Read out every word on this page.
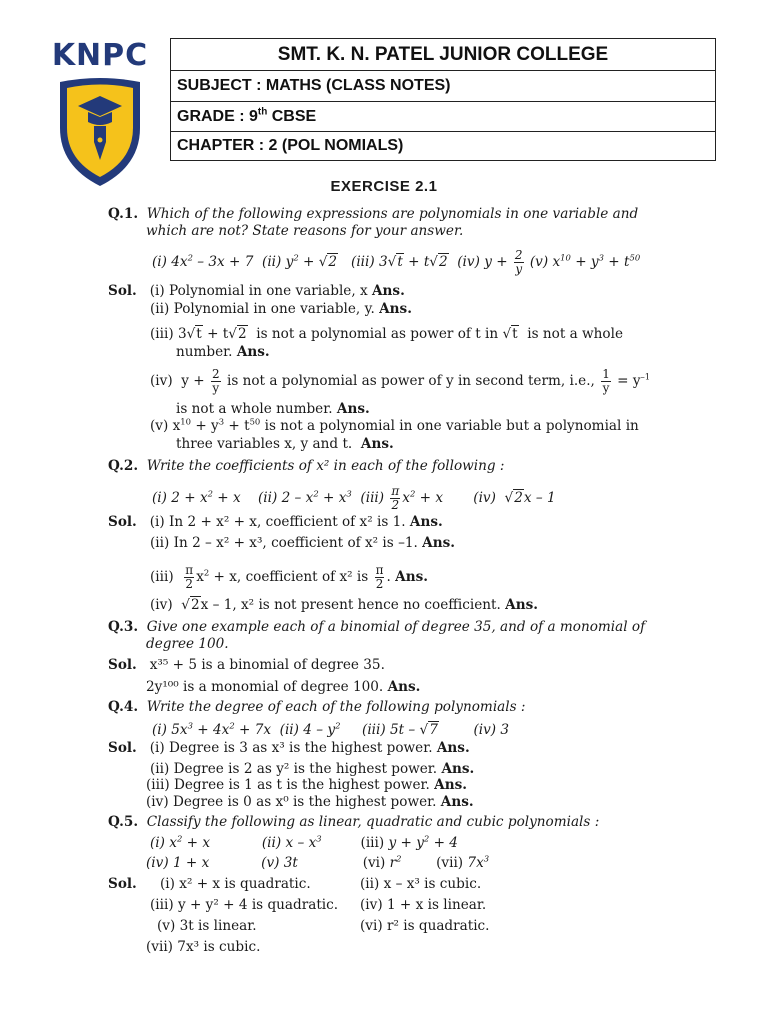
KNPC	SMT. K. N. PATEL JUNIOR COLLEGE
SUBJECT : MATHS (CLASS NOTES)
GRADE : 9th CBSE
CHAPTER : 2 (POL NOMIALS)
EXERCISE 2.1
Q.1. Which of the following expressions are polynomials in one variable and
which are not? State reasons for your answer.
(i) $4x^2 - 3x + 7$  (ii) $y^2 + √2$   (iii) 3√t + t√2  (iv) $y + \frac{2}{y} (v) x^{10} + y^3 + t^{50}$
Sol. (i) Polynomial in one variable, x Ans.
(ii) Polynomial in one variable, y. Ans.
(iii) 3√t + t√2 is not a polynomial as power of t in √t is not a whole
number. Ans.
(iv)  $y + \frac{2}{y}$ is not a polynomial as power of y in second term, i.e., $\frac{1}{y} = y^{-1}$
is not a whole number. Ans.
(v) $x^{10} + y^3 + t^{50}$ is not a polynomial in one variable but a polynomial in
three variables x, y and t. Ans.
Q.2. Write the coefficients of x² in each of the following :
(i) $2 + x^2 + x$    (ii) $2 - x^2 + x^3$  $(iii) \frac{\pi}{2} x^2 + x$       (iv)  √2x – 1
Sol. (i) In 2 + x² + x, coefficient of x² is 1. Ans.
(ii) In 2 – x² + x³, coefficient of x² is –1. Ans.
$(iii) \frac{\pi}{2} x^2 + x$, coefficient of x² is $\frac{\pi}{2}$ . Ans.
(iv)  √2x – 1, x² is not present hence no coefficient. Ans.
Q.3. Give one example each of a binomial of degree 35, and of a monomial of
degree 100.
Sol. x³⁵ + 5 is a binomial of degree 35.
2y¹⁰⁰ is a monomial of degree 100. Ans.
Q.4. Write the degree of each of the following polynomials :
(i) $5x^3 + 4x^2 + 7x$  (ii) $4 - y^2$     (iii) 5t – √7        (iv) 3
Sol. (i) Degree is 3 as x³ is the highest power. Ans.
(ii) Degree is 2 as y² is the highest power. Ans.
(iii) Degree is 1 as t is the highest power. Ans.
(iv) Degree is 0 as x⁰ is the highest power. Ans.
Q.5. Classify the following as linear, quadratic and cubic polynomials :
(i) $x^2 + x$            (ii) x – $x^3$	(iii) $y + y^2 + 4$
(iv) 1 + x            (v) 3t               (vi) $r^2$	(vii) $7x^3$
Sol. (i) x² + x is quadratic.	(ii) x – x³ is cubic.
(iii) y + y² + 4 is quadratic. (iv) 1 + x is linear.
(v) 3t is linear.	(vi) r² is quadratic.
(vii) 7x³ is cubic.
